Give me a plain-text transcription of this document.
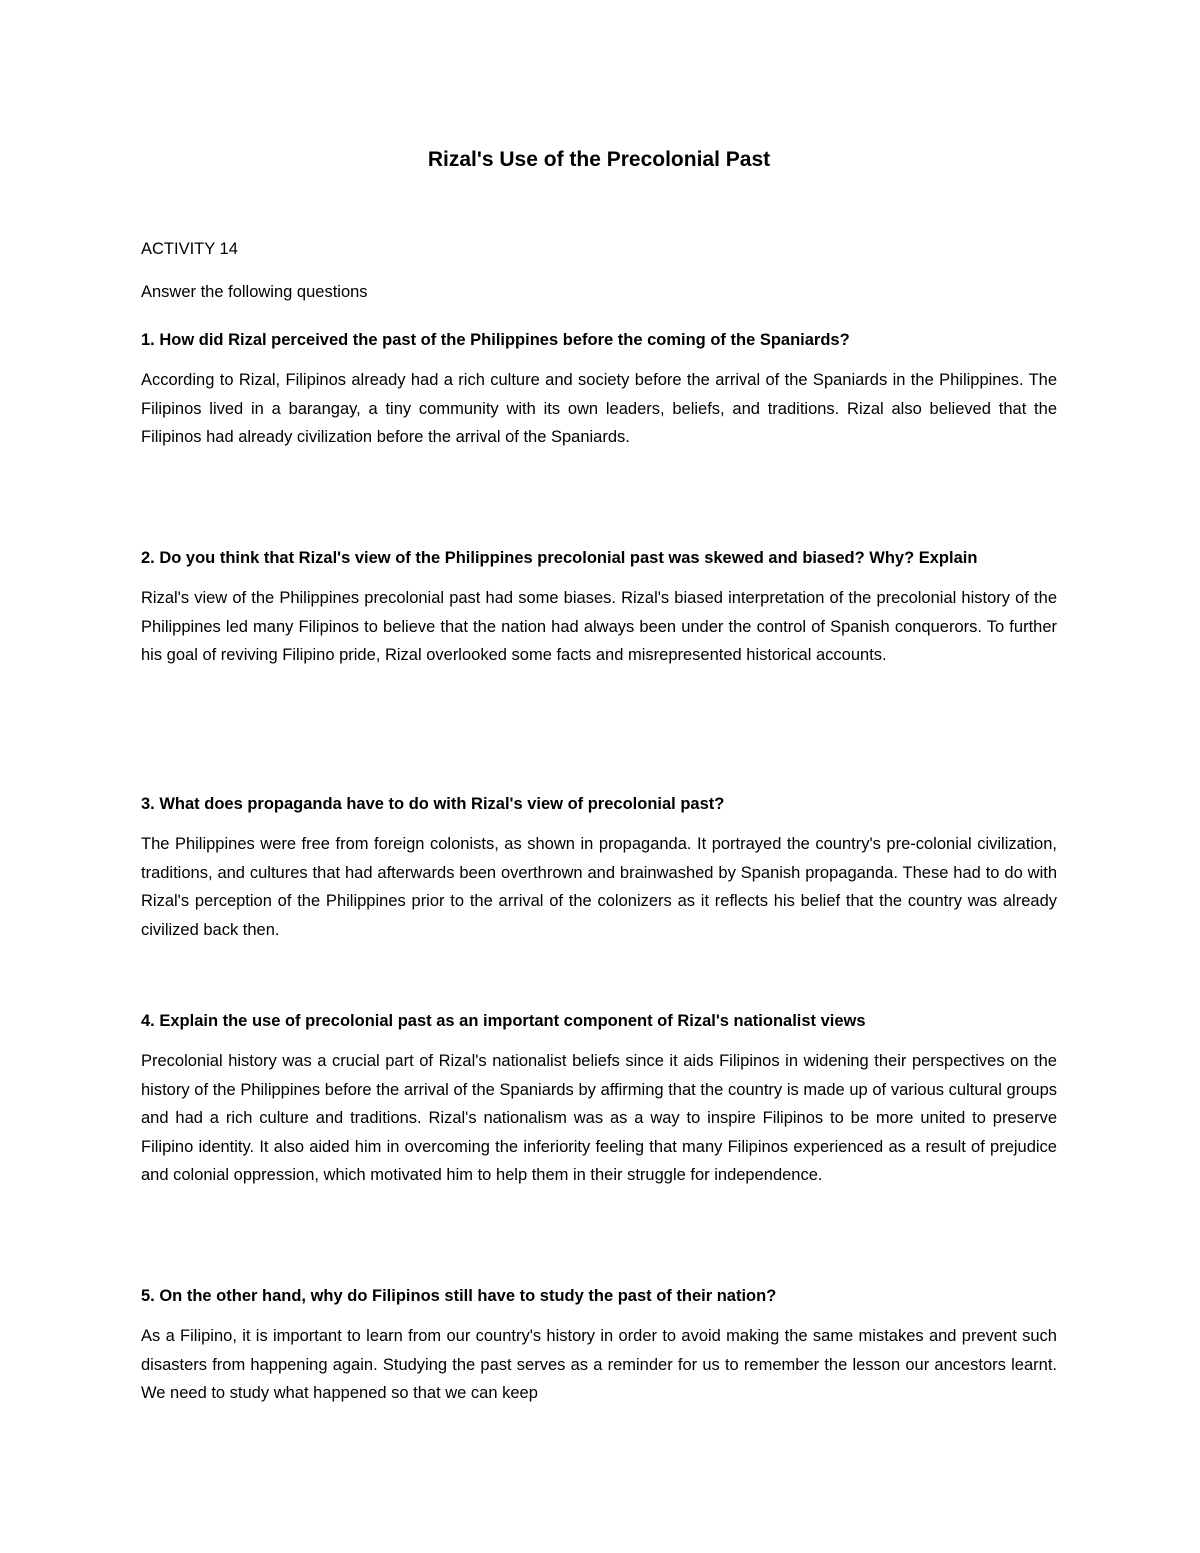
Rizal's Use of the Precolonial Past

ACTIVITY 14

Answer the following questions

1. How did Rizal perceived the past of the Philippines before the coming of the Spaniards?

According to Rizal, Filipinos already had a rich culture and society before the arrival of the Spaniards in the Philippines. The Filipinos lived in a barangay, a tiny community with its own leaders, beliefs, and traditions. Rizal also believed that the Filipinos had already civilization before the arrival of the Spaniards.

2. Do you think that Rizal's view of the Philippines precolonial past was skewed and biased? Why? Explain

Rizal's view of the Philippines precolonial past had some biases. Rizal's biased interpretation of the precolonial history of the Philippines led many Filipinos to believe that the nation had always been under the control of Spanish conquerors. To further his goal of reviving Filipino pride, Rizal overlooked some facts and misrepresented historical accounts.

3. What does propaganda have to do with Rizal's view of precolonial past?

The Philippines were free from foreign colonists, as shown in propaganda. It portrayed the country's pre-colonial civilization, traditions, and cultures that had afterwards been overthrown and brainwashed by Spanish propaganda. These had to do with Rizal's perception of the Philippines prior to the arrival of the colonizers as it reflects his belief that the country was already civilized back then.

4. Explain the use of precolonial past as an important component of Rizal's nationalist views

Precolonial history was a crucial part of Rizal's nationalist beliefs since it aids Filipinos in widening their perspectives on the history of the Philippines before the arrival of the Spaniards by affirming that the country is made up of various cultural groups and had a rich culture and traditions. Rizal's nationalism was as a way to inspire Filipinos to be more united to preserve Filipino identity. It also aided him in overcoming the inferiority feeling that many Filipinos experienced as a result of prejudice and colonial oppression, which motivated him to help them in their struggle for independence.

5. On the other hand, why do Filipinos still have to study the past of their nation?

As a Filipino, it is important to learn from our country's history in order to avoid making the same mistakes and prevent such disasters from happening again. Studying the past serves as a reminder for us to remember the lesson our ancestors learnt. We need to study what happened so that we can keep
